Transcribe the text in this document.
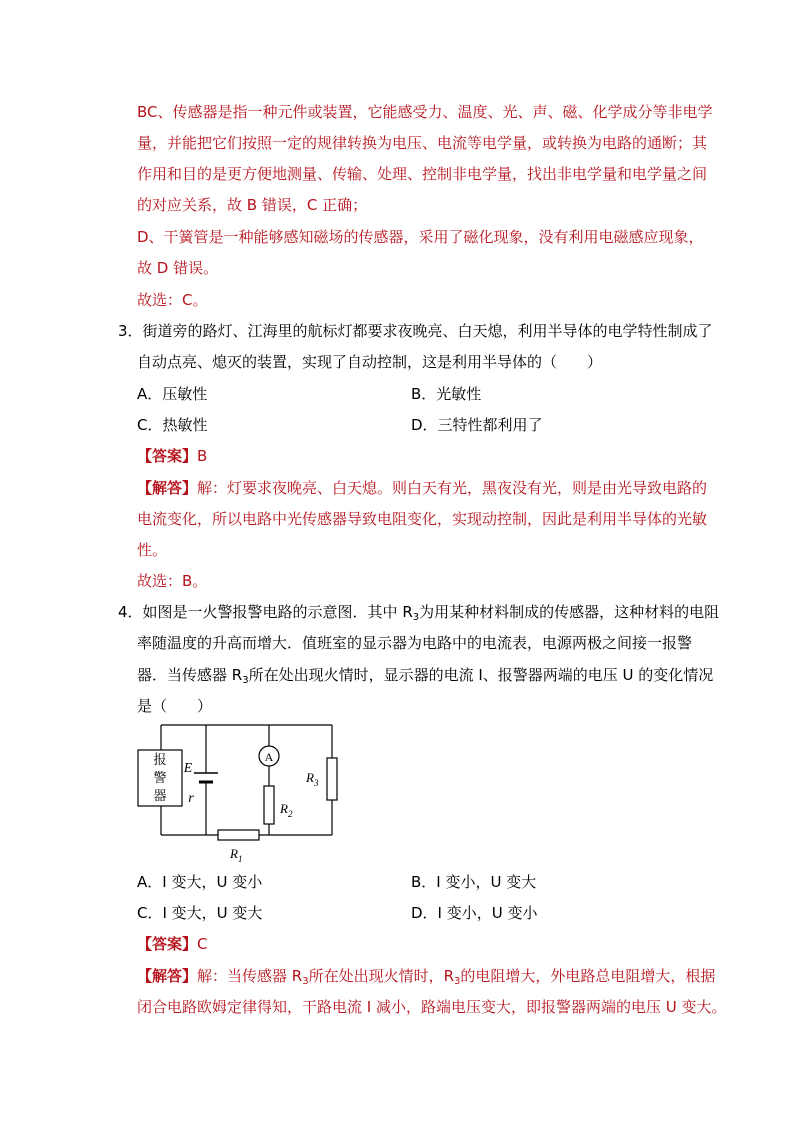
BC、传感器是指一种元件或装置，它能感受力、温度、光、声、磁、化学成分等非电学
量，并能把它们按照一定的规律转换为电压、电流等电学量，或转换为电路的通断；其
作用和目的是更方便地测量、传输、处理、控制非电学量，找出非电学量和电学量之间
的对应关系，故 B 错误，C 正确；
D、干簧管是一种能够感知磁场的传感器，采用了磁化现象，没有利用电磁感应现象，
故 D 错误。
故选：C。
3．街道旁的路灯、江海里的航标灯都要求夜晚亮、白天熄，利用半导体的电学特性制成了
自动点亮、熄灭的装置，实现了自动控制，这是利用半导体的（　　）
A．压敏性	B．光敏性
C．热敏性	D．三特性都利用了
【答案】B
【解答】解：灯要求夜晚亮、白天熄。则白天有光，黑夜没有光，则是由光导致电路的
电流变化，所以电路中光传感器导致电阻变化，实现动控制，因此是利用半导体的光敏
性。
故选：B。
4．如图是一火警报警电路的示意图．其中 $R_3$为用某种材料制成的传感器，这种材料的电阻
率随温度的升高而增大．值班室的显示器为电路中的电流表，电源两极之间接一报警
器．当传感器 $R_3$所在处出现火情时，显示器的电流 I、报警器两端的电压 U 的变化情况
是（　　）
报
警
器
E
r
A
$R_2$
$R_3$
$R_1$
A．I 变大，U 变小	B．I 变小，U 变大
C．I 变大，U 变大	D．I 变小，U 变小
【答案】C
【解答】解：当传感器 $R_3$所在处出现火情时，$R_3$的电阻增大，外电路总电阻增大，根据
闭合电路欧姆定律得知，干路电流 I 减小，路端电压变大，即报警器两端的电压 U 变大。
